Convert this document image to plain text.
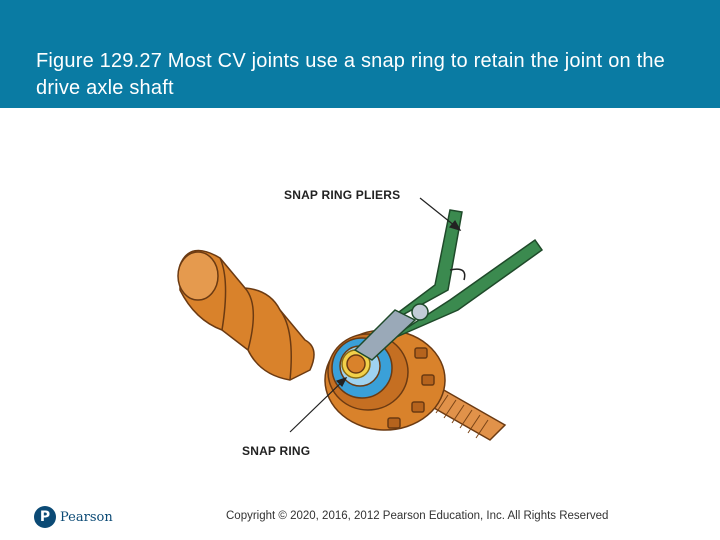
Figure 129.27 Most CV joints use a snap ring to retain the joint on the drive axle shaft
SNAP RING PLIERS
SNAP RING
P Pearson	Copyright © 2020, 2016, 2012 Pearson Education, Inc. All Rights Reserved
